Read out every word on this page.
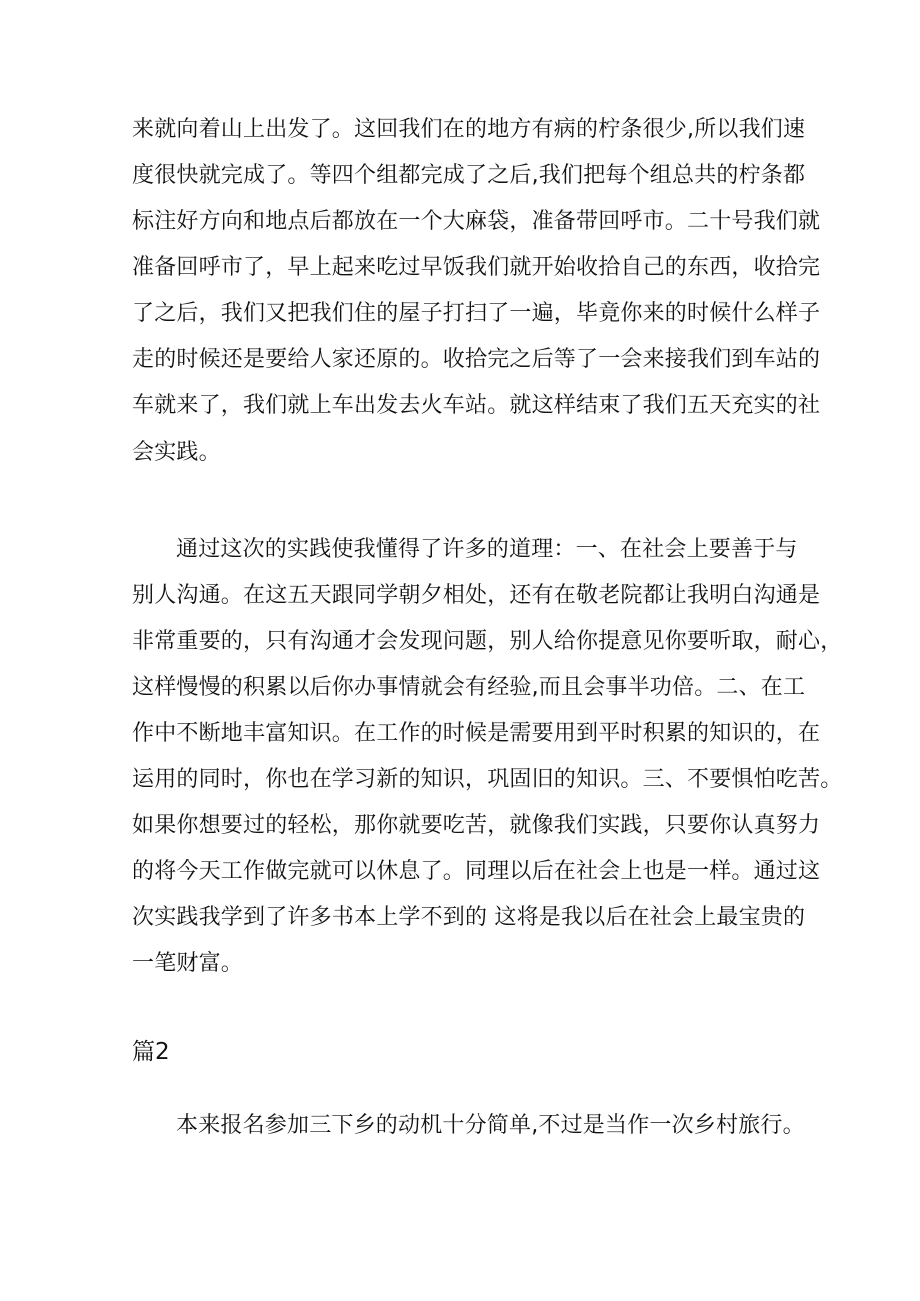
来就向着山上出发了。这回我们在的地方有病的柠条很少,所以我们速

度很快就完成了。等四个组都完成了之后,我们把每个组总共的柠条都

标注好方向和地点后都放在一个大麻袋，准备带回呼市。二十号我们就

准备回呼市了，早上起来吃过早饭我们就开始收拾自己的东西，收拾完

了之后，我们又把我们住的屋子打扫了一遍，毕竟你来的时候什么样子

走的时候还是要给人家还原的。收拾完之后等了一会来接我们到车站的

车就来了，我们就上车出发去火车站。就这样结束了我们五天充实的社

会实践。

通过这次的实践使我懂得了许多的道理：一、在社会上要善于与

别人沟通。在这五天跟同学朝夕相处，还有在敬老院都让我明白沟通是

非常重要的，只有沟通才会发现问题，别人给你提意见你要听取，耐心，

这样慢慢的积累以后你办事情就会有经验,而且会事半功倍。二、在工

作中不断地丰富知识。在工作的时候是需要用到平时积累的知识的，在

运用的同时，你也在学习新的知识，巩固旧的知识。三、不要惧怕吃苦。

如果你想要过的轻松，那你就要吃苦，就像我们实践，只要你认真努力

的将今天工作做完就可以休息了。同理以后在社会上也是一样。通过这

次实践我学到了许多书本上学不到的 这将是我以后在社会上最宝贵的

一笔财富。

篇2

本来报名参加三下乡的动机十分简单,不过是当作一次乡村旅行。
